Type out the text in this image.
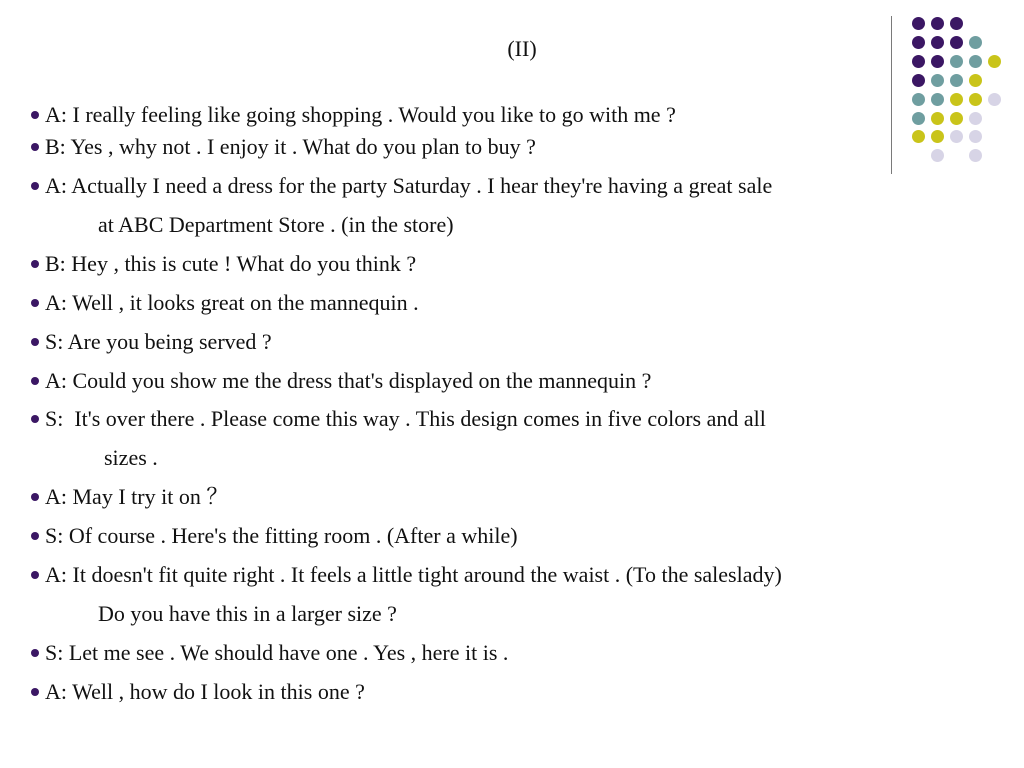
(II)
A: I really feeling like going shopping . Would you like to go with me ?
B: Yes , why not . I enjoy it . What do you plan to buy ?
A: Actually I need a dress for the party Saturday . I hear they're having a great sale
at ABC Department Store . (in the store)
B: Hey , this is cute ! What do you think ?
A: Well , it looks great on the mannequin .
S: Are you being served ?
A: Could you show me the dress that's displayed on the mannequin ?
S:  It's over there . Please come this way . This design comes in five colors and all
sizes .
A: May I try it on ？
S: Of course . Here's the fitting room . (After a while)
A: It doesn't fit quite right . It feels a little tight around the waist . (To the saleslady)
Do you have this in a larger size ?
S: Let me see . We should have one . Yes , here it is .
A: Well , how do I look in this one ?
